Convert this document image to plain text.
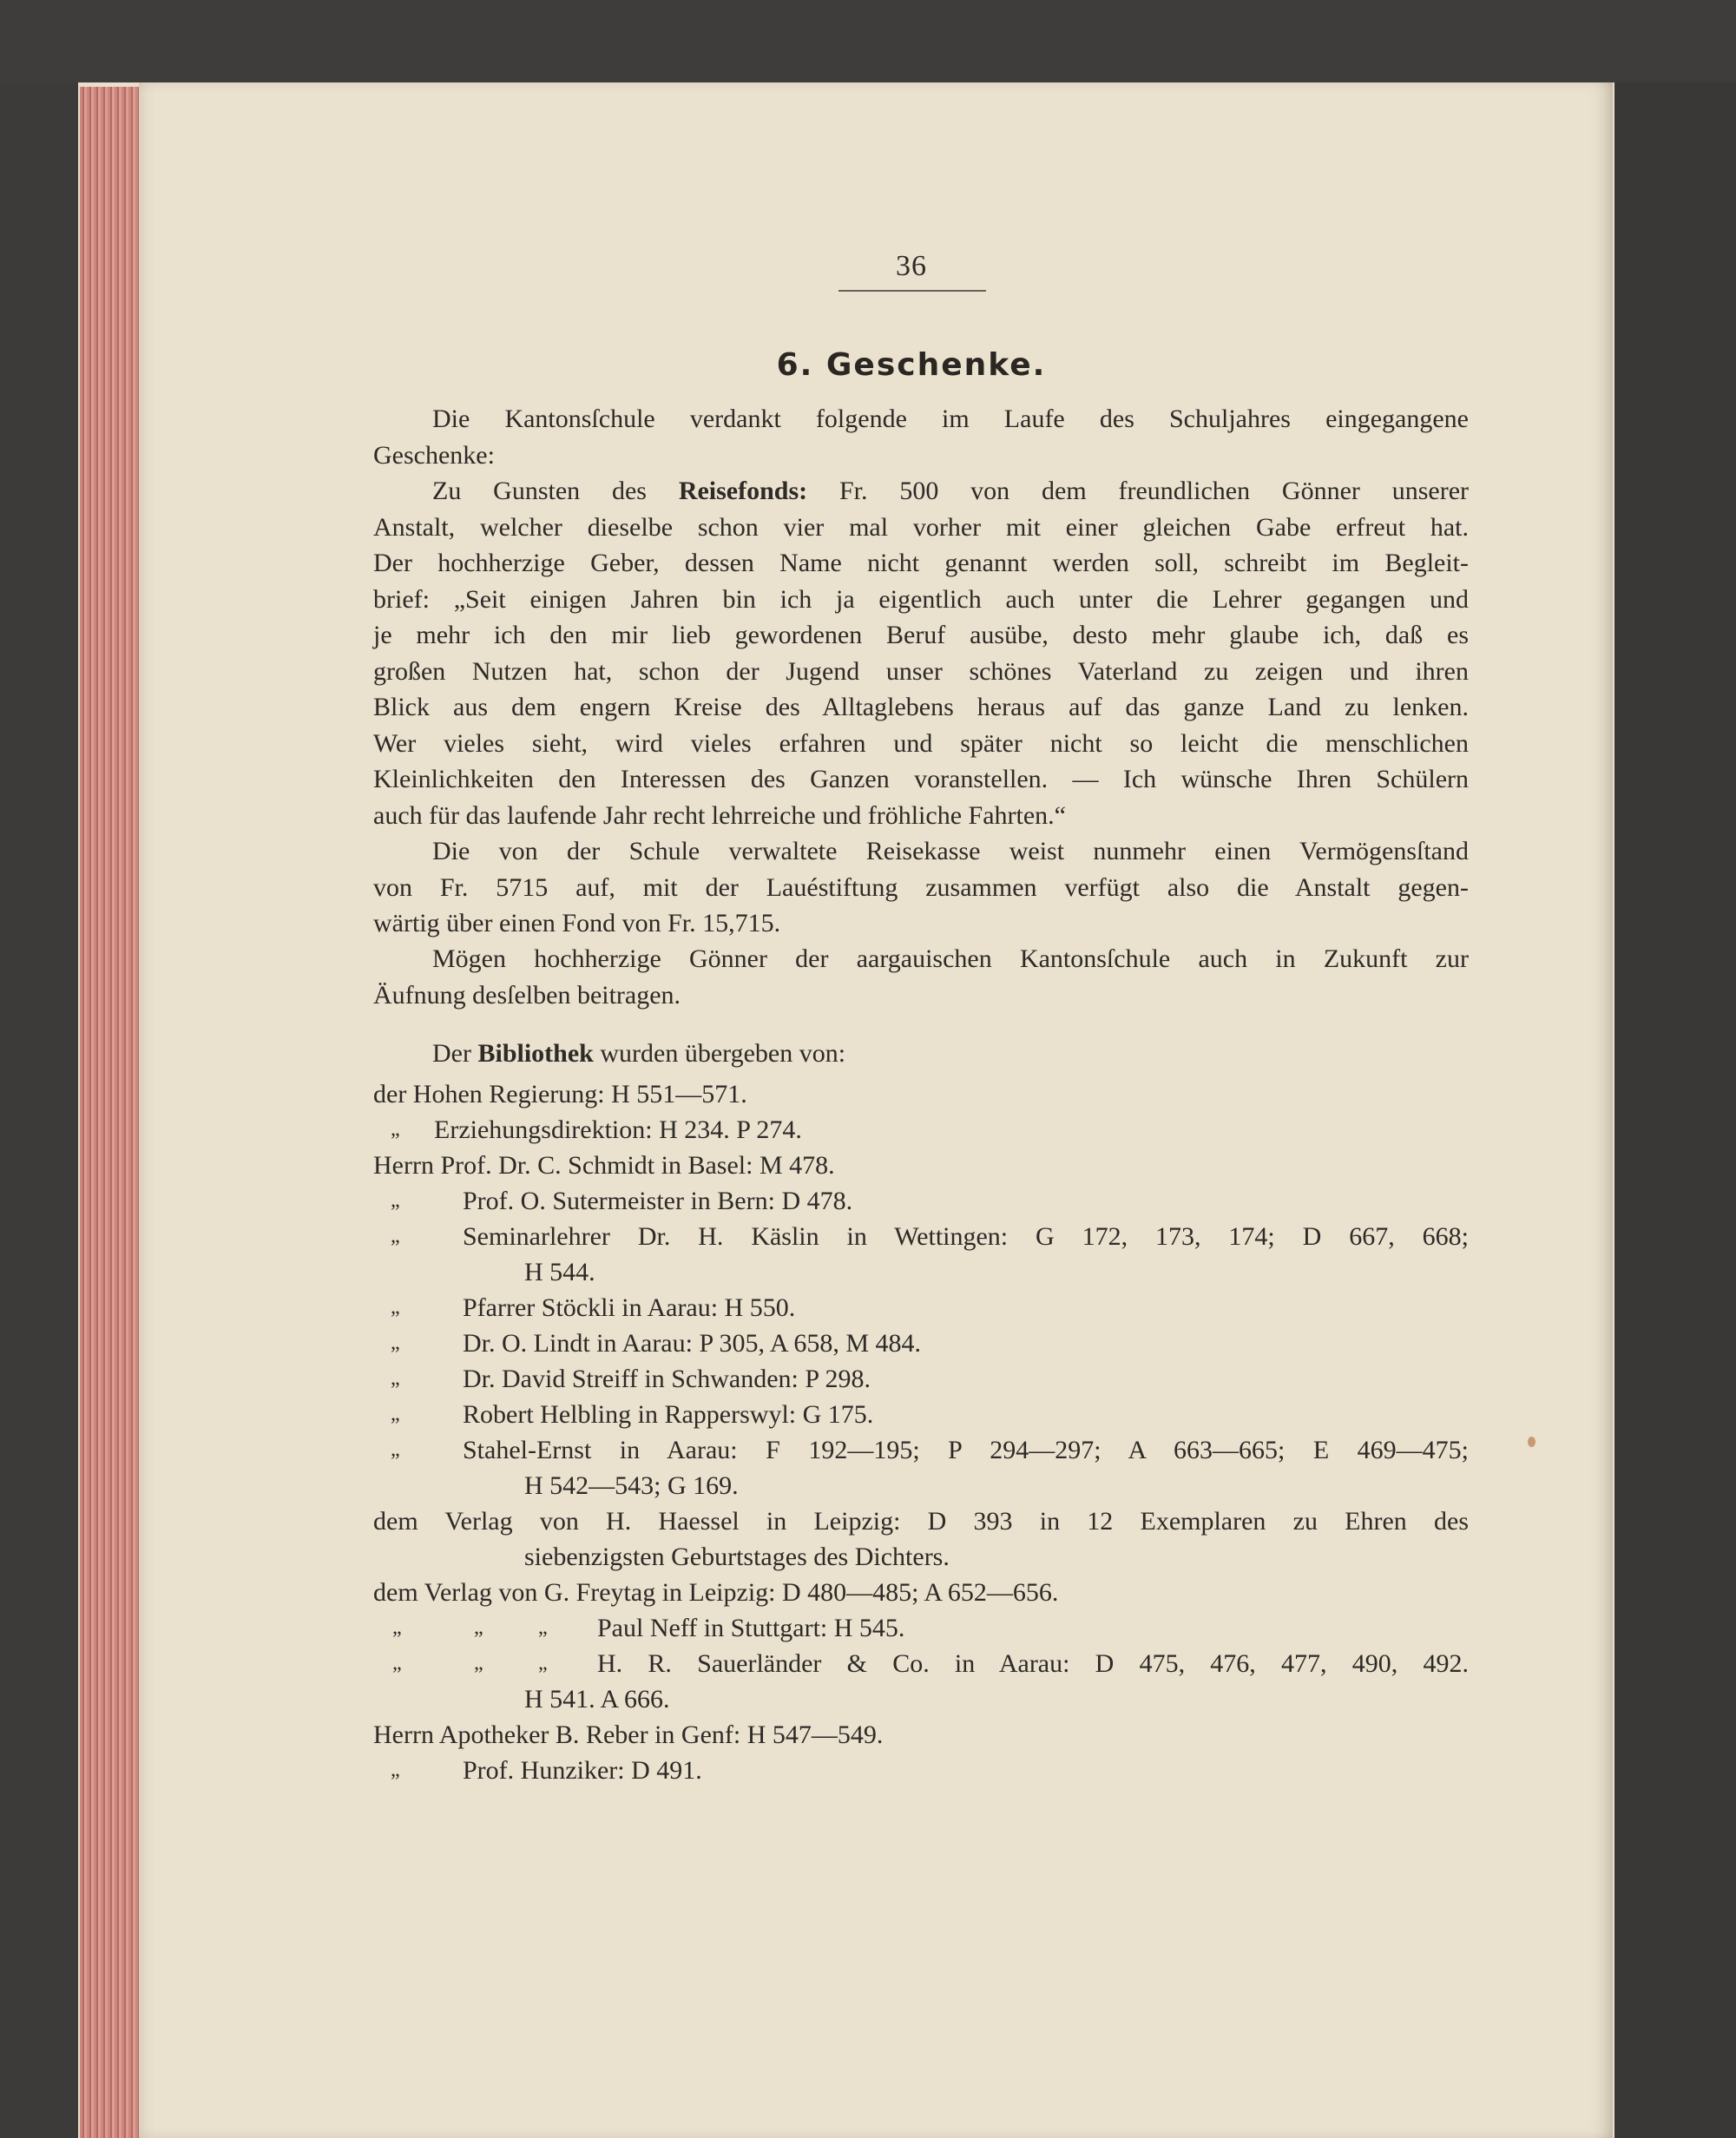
36
6. Geschenke.

Die Kantonsſchule verdankt folgende im Laufe des Schuljahres eingegangene

Geschenke:

Zu Gunsten des Reisefonds: Fr. 500 von dem freundlichen Gönner unserer

Anstalt, welcher dieselbe schon vier mal vorher mit einer gleichen Gabe erfreut hat.

Der hochherzige Geber, dessen Name nicht genannt werden soll, schreibt im Begleit-

brief: „Seit einigen Jahren bin ich ja eigentlich auch unter die Lehrer gegangen und

je mehr ich den mir lieb gewordenen Beruf ausübe, desto mehr glaube ich, daß es

großen Nutzen hat, schon der Jugend unser schönes Vaterland zu zeigen und ihren

Blick aus dem engern Kreise des Alltaglebens heraus auf das ganze Land zu lenken.

Wer vieles sieht, wird vieles erfahren und später nicht so leicht die menschlichen

Kleinlichkeiten den Interessen des Ganzen voranstellen. — Ich wünsche Ihren Schülern

auch für das laufende Jahr recht lehrreiche und fröhliche Fahrten.“

Die von der Schule verwaltete Reisekasse weist nunmehr einen Vermögensſtand

von Fr. 5715 auf, mit der Lauéstiftung zusammen verfügt also die Anstalt gegen-

wärtig über einen Fond von Fr. 15,715.

Mögen hochherzige Gönner der aargauischen Kantonsſchule auch in Zukunft zur

Äufnung desſelben beitragen.

Der Bibliothek wurden übergeben von:

der Hohen Regierung: H 551—571.
„ Erziehungsdirektion: H 234. P 274.
Herrn Prof. Dr. C. Schmidt in Basel: M 478.
„ Prof. O. Sutermeister in Bern: D 478.
„ Seminarlehrer Dr. H. Käslin in Wettingen: G 172, 173, 174; D 667, 668;
H 544.
„ Pfarrer Stöckli in Aarau: H 550.
„ Dr. O. Lindt in Aarau: P 305, A 658, M 484.
„ Dr. David Streiff in Schwanden: P 298.
„ Robert Helbling in Rapperswyl: G 175.
„ Stahel-Ernst in Aarau: F 192—195; P 294—297; A 663—665; E 469—475;
H 542—543; G 169.
dem Verlag von H. Haessel in Leipzig: D 393 in 12 Exemplaren zu Ehren des
siebenzigsten Geburtstages des Dichters.
dem Verlag von G. Freytag in Leipzig: D 480—485; A 652—656.
„	„	„ Paul Neff in Stuttgart: H 545.
„	„	„ H. R. Sauerländer & Co. in Aarau: D 475, 476, 477, 490, 492.
H 541. A 666.
Herrn Apotheker B. Reber in Genf: H 547—549.
„ Prof. Hunziker: D 491.
